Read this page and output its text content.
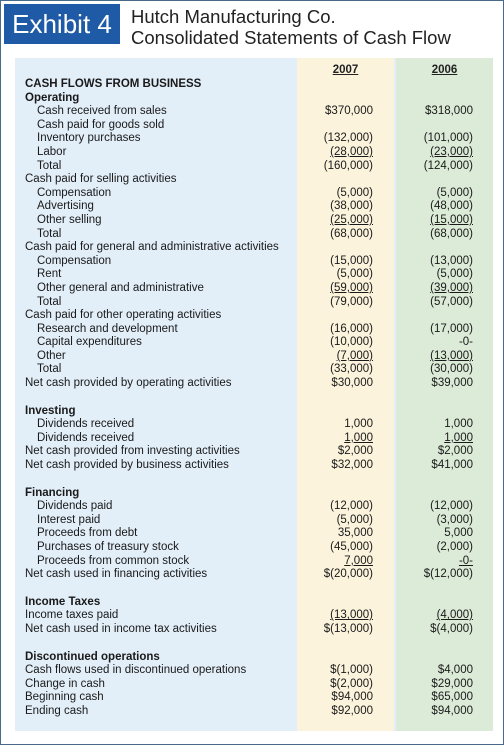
Exhibit 4	Hutch Manufacturing Co.
Consolidated Statements of Cash Flow
2007	2006
CASH FLOWS FROM BUSINESS
Operating
Cash received from sales	$370,000	$318,000
Cash paid for goods sold
Inventory purchases	(132,000)	(101,000)
Labor	(28,000)	(23,000)
Total	(160,000)	(124,000)
Cash paid for selling activities
Compensation	(5,000)	(5,000)
Advertising	(38,000)	(48,000)
Other selling	(25,000)	(15,000)
Total	(68,000)	(68,000)
Cash paid for general and administrative activities
Compensation	(15,000)	(13,000)
Rent	(5,000)	(5,000)
Other general and administrative	(59,000)	(39,000)
Total	(79,000)	(57,000)
Cash paid for other operating activities
Research and development	(16,000)	(17,000)
Capital expenditures	(10,000)	-0-
Other	(7,000)	(13,000)
Total	(33,000)	(30,000)
Net cash provided by operating activities	$30,000	$39,000
Investing
Dividends received	1,000	1,000
Dividends received	1,000	1,000
Net cash provided from investing activities	$2,000	$2,000
Net cash provided by business activities	$32,000	$41,000
Financing
Dividends paid	(12,000)	(12,000)
Interest paid	(5,000)	(3,000)
Proceeds from debt	35,000	5,000
Purchases of treasury stock	(45,000)	(2,000)
Proceeds from common stock	7,000	-0-
Net cash used in financing activities	$(20,000)	$(12,000)
Income Taxes
Income taxes paid	(13,000)	(4,000)
Net cash used in income tax activities	$(13,000)	$(4,000)
Discontinued operations
Cash flows used in discontinued operations	$(1,000)	$4,000
Change in cash	$(2,000)	$29,000
Beginning cash	$94,000	$65,000
Ending cash	$92,000	$94,000
